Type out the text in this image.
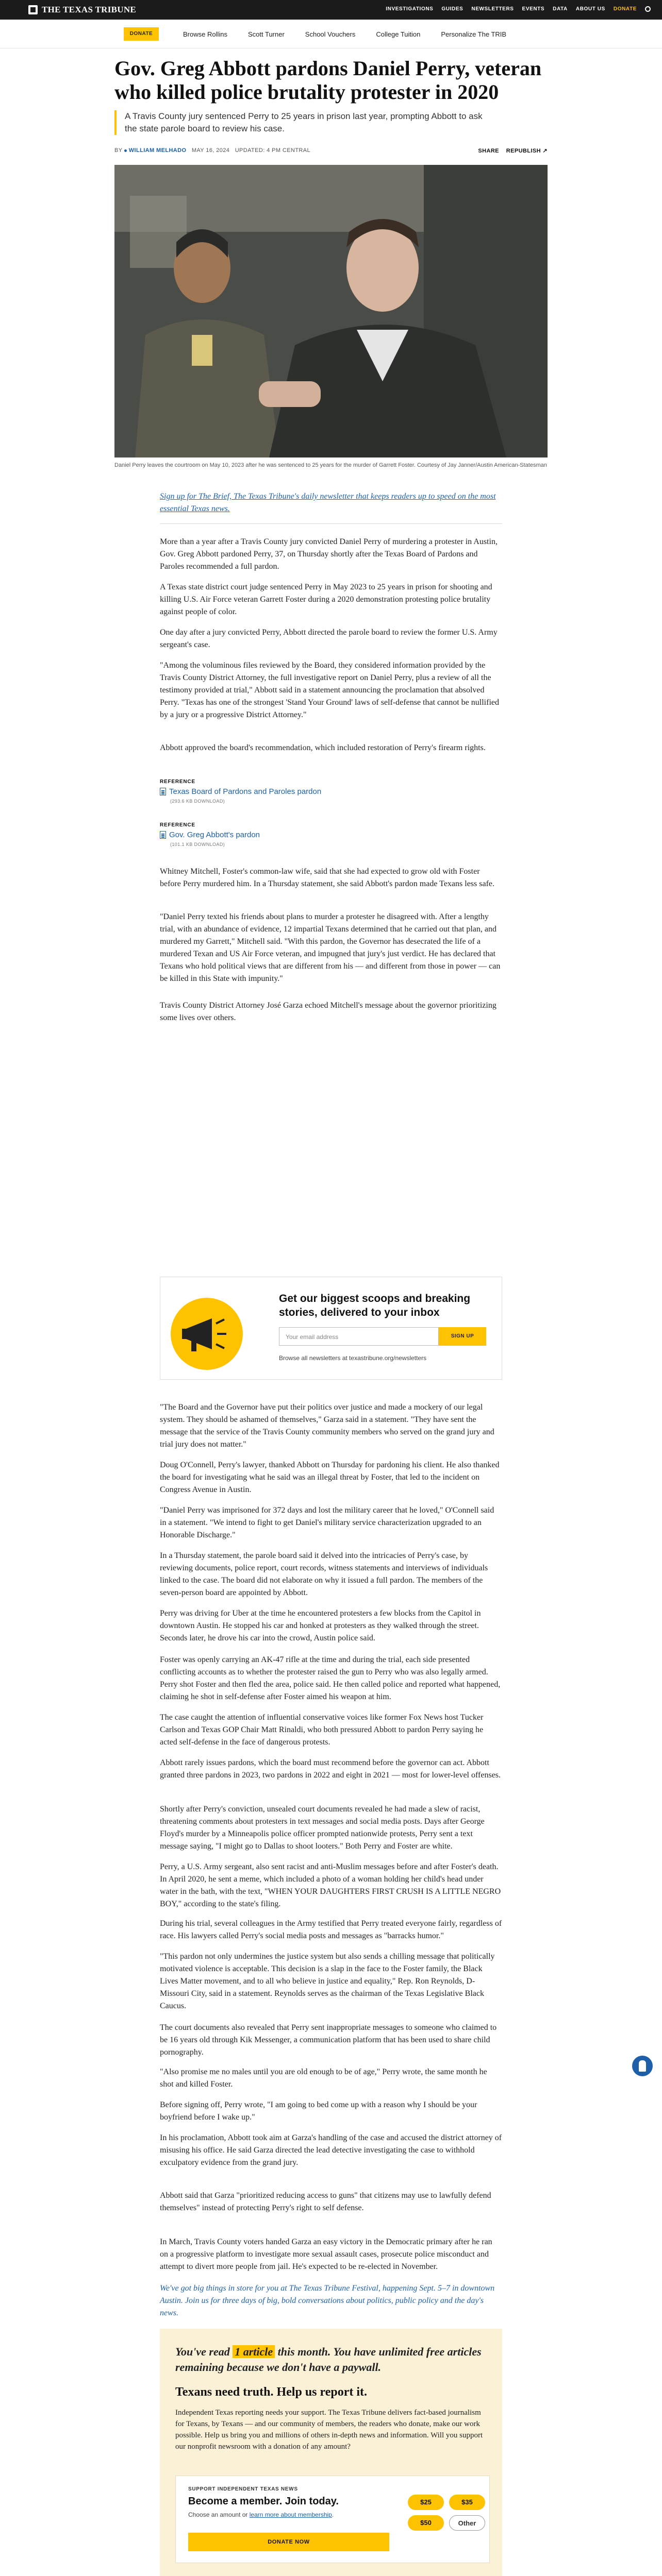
THE TEXAS TRIBUNE	INVESTIGATIONS GUIDES NEWSLETTERS EVENTS DATA ABOUT US DONATE
DONATE	Browse Rollins	Scott Turner	School Vouchers	College Tuition	Personalize The TRIB
Gov. Greg Abbott pardons Daniel Perry, veteran who killed police brutality protester in 2020
A Travis County jury sentenced Perry to 25 years in prison last year, prompting Abbott to ask the state parole board to review his case.
BY WILLIAM MELHADO MAY 16, 2024 UPDATED: 4 PM CENTRAL	SHARE REPUBLISH ↗
Daniel Perry leaves the courtroom on May 10, 2023 after he was sentenced to 25 years for the murder of Garrett Foster. Courtesy of Jay Janner/Austin American-Statesman
Sign up for The Brief, The Texas Tribune's daily newsletter that keeps readers up to speed on the most essential Texas news.
More than a year after a Travis County jury convicted Daniel Perry of murdering a protester in Austin, Gov. Greg Abbott pardoned Perry, 37, on Thursday shortly after the Texas Board of Pardons and Paroles recommended a full pardon.
A Texas state district court judge sentenced Perry in May 2023 to 25 years in prison for shooting and killing U.S. Air Force veteran Garrett Foster during a 2020 demonstration protesting police brutality against people of color.
One day after a jury convicted Perry, Abbott directed the parole board to review the former U.S. Army sergeant's case.
"Among the voluminous files reviewed by the Board, they considered information provided by the Travis County District Attorney, the full investigative report on Daniel Perry, plus a review of all the testimony provided at trial," Abbott said in a statement announcing the proclamation that absolved Perry. "Texas has one of the strongest 'Stand Your Ground' laws of self-defense that cannot be nullified by a jury or a progressive District Attorney."
Abbott approved the board's recommendation, which included restoration of Perry's firearm rights.
REFERENCE
Texas Board of Pardons and Paroles pardon
(293.6 KB DOWNLOAD)
REFERENCE
Gov. Greg Abbott's pardon
(101.1 KB DOWNLOAD)
Whitney Mitchell, Foster's common-law wife, said that she had expected to grow old with Foster before Perry murdered him. In a Thursday statement, she said Abbott's pardon made Texans less safe.
"Daniel Perry texted his friends about plans to murder a protester he disagreed with. After a lengthy trial, with an abundance of evidence, 12 impartial Texans determined that he carried out that plan, and murdered my Garrett," Mitchell said. "With this pardon, the Governor has desecrated the life of a murdered Texan and US Air Force veteran, and impugned that jury's just verdict. He has declared that Texans who hold political views that are different from his — and different from those in power — can be killed in this State with impunity."
Travis County District Attorney José Garza echoed Mitchell's message about the governor prioritizing some lives over others.
Get our biggest scoops and breaking stories, delivered to your inbox
Your email address	SIGN UP
Browse all newsletters at texastribune.org/newsletters
"The Board and the Governor have put their politics over justice and made a mockery of our legal system. They should be ashamed of themselves," Garza said in a statement. "They have sent the message that the service of the Travis County community members who served on the grand jury and trial jury does not matter."
Doug O'Connell, Perry's lawyer, thanked Abbott on Thursday for pardoning his client. He also thanked the board for investigating what he said was an illegal threat by Foster, that led to the incident on Congress Avenue in Austin.
"Daniel Perry was imprisoned for 372 days and lost the military career that he loved," O'Connell said in a statement. "We intend to fight to get Daniel's military service characterization upgraded to an Honorable Discharge."
In a Thursday statement, the parole board said it delved into the intricacies of Perry's case, by reviewing documents, police report, court records, witness statements and interviews of individuals linked to the case. The board did not elaborate on why it issued a full pardon. The members of the seven-person board are appointed by Abbott.
Perry was driving for Uber at the time he encountered protesters a few blocks from the Capitol in downtown Austin. He stopped his car and honked at protesters as they walked through the street. Seconds later, he drove his car into the crowd, Austin police said.
Foster was openly carrying an AK-47 rifle at the time and during the trial, each side presented conflicting accounts as to whether the protester raised the gun to Perry who was also legally armed. Perry shot Foster and then fled the area, police said. He then called police and reported what happened, claiming he shot in self-defense after Foster aimed his weapon at him.
The case caught the attention of influential conservative voices like former Fox News host Tucker Carlson and Texas GOP Chair Matt Rinaldi, who both pressured Abbott to pardon Perry saying he acted self-defense in the face of dangerous protests.
Abbott rarely issues pardons, which the board must recommend before the governor can act. Abbott granted three pardons in 2023, two pardons in 2022 and eight in 2021 — most for lower-level offenses.
Shortly after Perry's conviction, unsealed court documents revealed he had made a slew of racist, threatening comments about protesters in text messages and social media posts. Days after George Floyd's murder by a Minneapolis police officer prompted nationwide protests, Perry sent a text message saying, "I might go to Dallas to shoot looters." Both Perry and Foster are white.
Perry, a U.S. Army sergeant, also sent racist and anti-Muslim messages before and after Foster's death. In April 2020, he sent a meme, which included a photo of a woman holding her child's head under water in the bath, with the text, "WHEN YOUR DAUGHTERS FIRST CRUSH IS A LITTLE NEGRO BOY," according to the state's filing.
During his trial, several colleagues in the Army testified that Perry treated everyone fairly, regardless of race. His lawyers called Perry's social media posts and messages as "barracks humor."
"This pardon not only undermines the justice system but also sends a chilling message that politically motivated violence is acceptable. This decision is a slap in the face to the Foster family, the Black Lives Matter movement, and to all who believe in justice and equality," Rep. Ron Reynolds, D-Missouri City, said in a statement. Reynolds serves as the chairman of the Texas Legislative Black Caucus.
The court documents also revealed that Perry sent inappropriate messages to someone who claimed to be 16 years old through Kik Messenger, a communication platform that has been used to share child pornography.
"Also promise me no males until you are old enough to be of age," Perry wrote, the same month he shot and killed Foster.
Before signing off, Perry wrote, "I am going to bed come up with a reason why I should be your boyfriend before I wake up."
In his proclamation, Abbott took aim at Garza's handling of the case and accused the district attorney of misusing his office. He said Garza directed the lead detective investigating the case to withhold exculpatory evidence from the grand jury.
Abbott said that Garza "prioritized reducing access to guns" that citizens may use to lawfully defend themselves" instead of protecting Perry's right to self defense.
In March, Travis County voters handed Garza an easy victory in the Democratic primary after he ran on a progressive platform to investigate more sexual assault cases, prosecute police misconduct and attempt to divert more people from jail. He's expected to be re-elected in November.
We've got big things in store for you at The Texas Tribune Festival, happening Sept. 5–7 in downtown Austin. Join us for three days of big, bold conversations about politics, public policy and the day's news.
You've read 1 article this month. You have unlimited free articles remaining because we don't have a paywall.
Texans need truth. Help us report it.
Independent Texas reporting needs your support. The Texas Tribune delivers fact-based journalism for Texans, by Texans — and our community of members, the readers who donate, make our work possible. Help us bring you and millions of others in-depth news and information. Will you support our nonprofit newsroom with a donation of any amount?
SUPPORT INDEPENDENT TEXAS NEWS
Become a member. Join today.
Choose an amount or learn more about membership.
DONATE NOW
$25	$35
$50	Other
